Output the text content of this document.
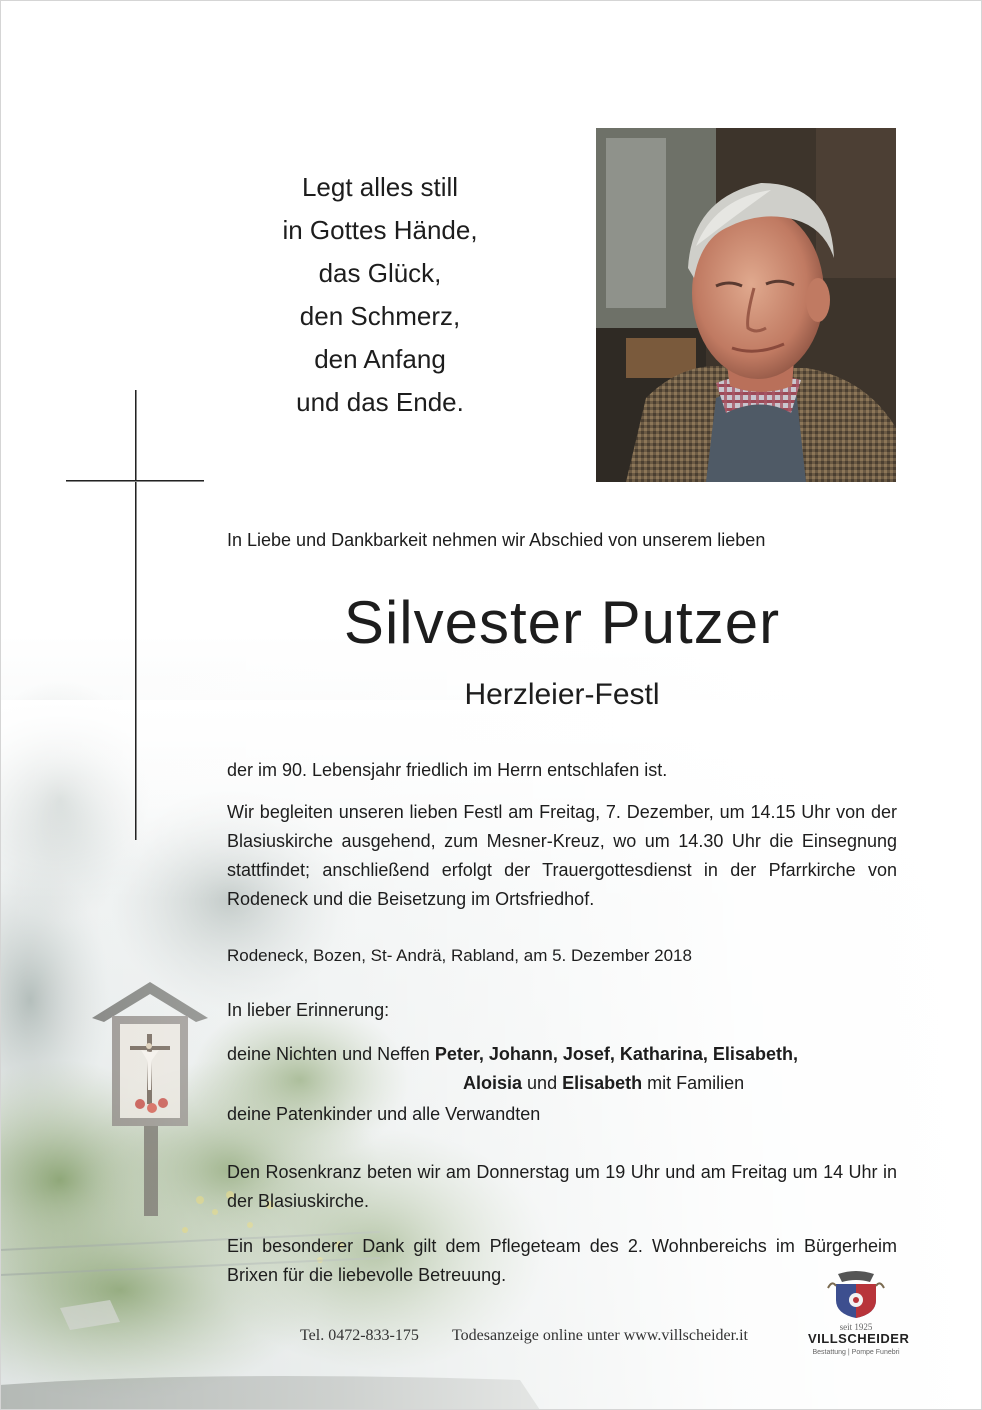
Legt alles still
in Gottes Hände,
das Glück,
den Schmerz,
den Anfang
und das Ende.
In Liebe und Dankbarkeit nehmen wir Abschied von unserem lieben
Silvester Putzer
Herzleier-Festl
der im 90. Lebensjahr friedlich im Herrn entschlafen ist.
Wir begleiten unseren lieben Festl am Freitag, 7. Dezember, um 14.15 Uhr von der Blasiuskirche ausgehend, zum Mesner-Kreuz, wo um 14.30 Uhr die Einsegnung stattfindet; anschließend erfolgt der Trauergottesdienst in der Pfarrkirche von Rodeneck und die Beisetzung im Ortsfriedhof.
Rodeneck, Bozen, St- Andrä, Rabland, am 5. Dezember 2018
In lieber Erinnerung:
deine Nichten und Neffen Peter, Johann, Josef, Katharina, Elisabeth,
Aloisia und Elisabeth mit Familien
deine Patenkinder und alle Verwandten
Den Rosenkranz beten wir am Donnerstag um 19 Uhr und am Freitag um 14 Uhr in der Blasiuskirche.
Ein besonderer Dank gilt dem Pflegeteam des 2. Wohnbereichs im Bürgerheim Brixen für die liebevolle Betreuung.
Tel. 0472-833-175 Todesanzeige online unter www.villscheider.it	seit 1925
VILLSCHEIDER
Bestattung | Pompe Funebri
